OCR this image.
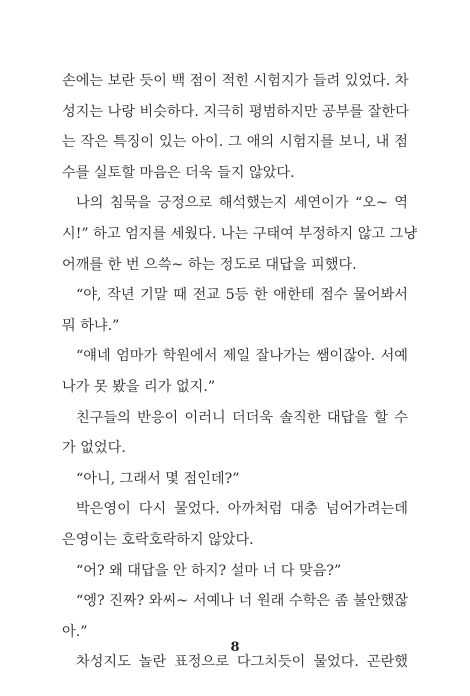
손에는 보란 듯이 백 점이 적힌 시험지가 들려 있었다. 차
성지는 나랑 비슷하다. 지극히 평범하지만 공부를 잘한다
는 작은 특징이 있는 아이. 그 애의 시험지를 보니, 내 점
수를 실토할 마음은 더욱 들지 않았다.
나의 침묵을 긍정으로 해석했는지 세연이가 “오~ 역
시!” 하고 엄지를 세웠다. 나는 구태여 부정하지 않고 그냥
어깨를 한 번 으쓱~ 하는 정도로 대답을 피했다.
“야, 작년 기말 때 전교 5등 한 애한테 점수 물어봐서
뭐 하냐.”
“얘네 엄마가 학원에서 제일 잘나가는 쌤이잖아. 서예
나가 못 봤을 리가 없지.”
친구들의 반응이 이러니 더더욱 솔직한 대답을 할 수
가 없었다.
“아니, 그래서 몇 점인데?”
박은영이 다시 물었다. 아까처럼 대충 넘어가려는데
은영이는 호락호락하지 않았다.
“어? 왜 대답을 안 하지? 설마 너 다 맞음?”
“엥? 진짜? 와씨~ 서예나 너 원래 수학은 좀 불안했잖
아.”
차성지도 놀란 표정으로 다그치듯이 물었다. 곤란했
8
